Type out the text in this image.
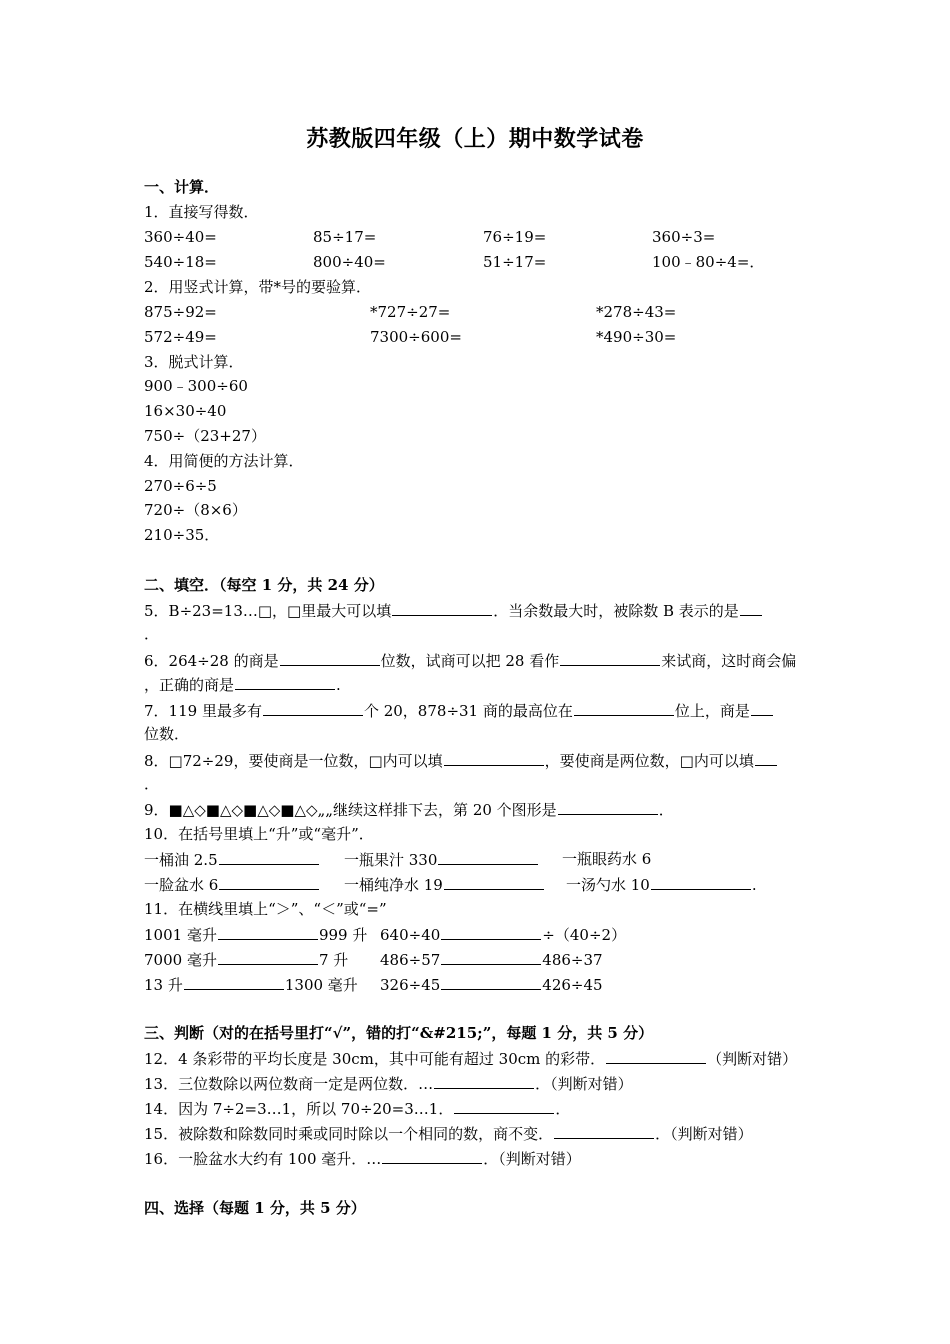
苏教版四年级（上）期中数学试卷
一、计算．
1．直接写得数．
360÷40=	85÷17=	76÷19=	360÷3=
540÷18=	800÷40=	51÷17=	100﹣80÷4=．
2．用竖式计算，带*号的要验算．
875÷92=	*727÷27=	*278÷43=
572÷49=	7300÷600=	*490÷30=
3．脱式计算．
900﹣300÷60
16×30÷40
750÷（23+27）
4．用简便的方法计算．
270÷6÷5
720÷（8×6）
210÷35．
二、填空．（每空 1 分，共 24 分）
5．B÷23=13…□，□里最大可以填	．当余数最大时，被除数 B 表示的是
．
6．264÷28 的商是	位数，试商可以把 28 看作	来试商，这时商会偏
，正确的商是	.
7．119 里最多有	个 20，878÷31 商的最高位在	位上，商是
位数．
8．□72÷29，要使商是一位数，□内可以填	，要使商是两位数，□内可以填
．
9．■△◇■△◇■△◇■△◇„„继续这样排下去，第 20 个图形是	．
10．在括号里填上“升”或“毫升”．
一桶油 2.5	一瓶果汁 330	一瓶眼药水 6
一脸盆水 6	一桶纯净水 19	一汤勺水 10	.
11．在横线里填上“＞”、“＜”或“=”
1001 毫升	999 升 640÷40	÷（40÷2）
7000 毫升	7 升 486÷57	486÷37
13 升	1300 毫升 326÷45	426÷45
三、判断（对的在括号里打“√”，错的打“&#215;”，每题 1 分，共 5 分）
12．4 条彩带的平均长度是 30cm，其中可能有超过 30cm 的彩带．	（判断对错）
13．三位数除以两位数商一定是两位数．…	．（判断对错）
14．因为 7÷2=3…1，所以 70÷20=3…1．	．
15．被除数和除数同时乘或同时除以一个相同的数，商不变．	．（判断对错）
16．一脸盆水大约有 100 毫升．…	．（判断对错）
四、选择（每题 1 分，共 5 分）
